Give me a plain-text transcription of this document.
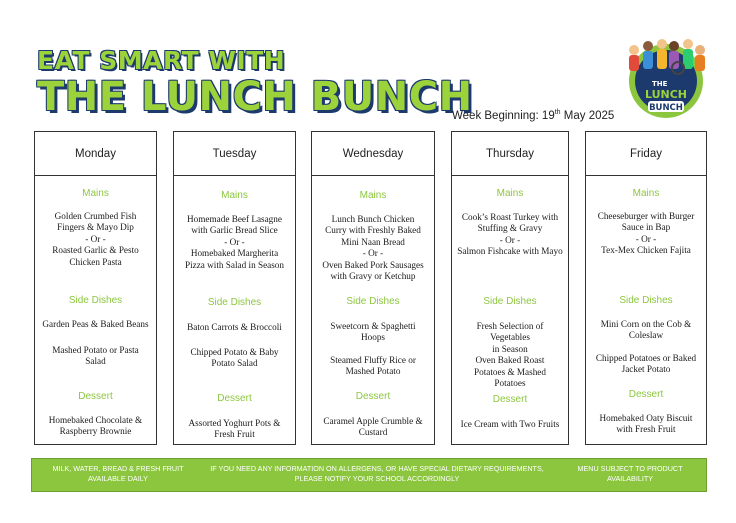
EAT SMART WITH
THE LUNCH BUNCH
Week Beginning: 19th May 2025
THE
LUNCH
BUNCH
Monday
Mains
Golden Crumbed Fish
Fingers & Mayo Dip
- Or -
Roasted Garlic & Pesto
Chicken Pasta
Side Dishes
Garden Peas & Baked Beans
Mashed Potato or Pasta
Salad
Dessert
Homebaked Chocolate &
Raspberry Brownie
Tuesday
Mains
Homemade Beef Lasagne
with Garlic Bread Slice
- Or -
Homebaked Margherita
Pizza with Salad in Season
Side Dishes
Baton Carrots & Broccoli
Chipped Potato & Baby
Potato Salad
Dessert
Assorted Yoghurt Pots &
Fresh Fruit
Wednesday
Mains
Lunch Bunch Chicken
Curry with Freshly Baked
Mini Naan Bread
- Or -
Oven Baked Pork Sausages
with Gravy or Ketchup
Side Dishes
Sweetcorn & Spaghetti
Hoops
Steamed Fluffy Rice or
Mashed Potato
Dessert
Caramel Apple Crumble &
Custard
Thursday
Mains
Cook’s Roast Turkey with
Stuffing & Gravy
- Or -
Salmon Fishcake with Mayo
Side Dishes
Fresh Selection of Vegetables
in Season
Oven Baked Roast
Potatoes & Mashed
Potatoes
Dessert
Ice Cream with Two Fruits
Friday
Mains
Cheeseburger with Burger
Sauce in Bap
- Or -
Tex-Mex Chicken Fajita
Side Dishes
Mini Corn on the Cob &
Coleslaw
Chipped Potatoes or Baked
Jacket Potato
Dessert
Homebaked Oaty Biscuit
with Fresh Fruit
MILK, WATER, BREAD & FRESH FRUIT
AVAILABLE DAILY
IF YOU NEED ANY INFORMATION ON ALLERGENS, OR HAVE SPECIAL DIETARY REQUIREMENTS,
PLEASE NOTIFY YOUR SCHOOL ACCORDINGLY
MENU SUBJECT TO PRODUCT
AVAILABILITY
